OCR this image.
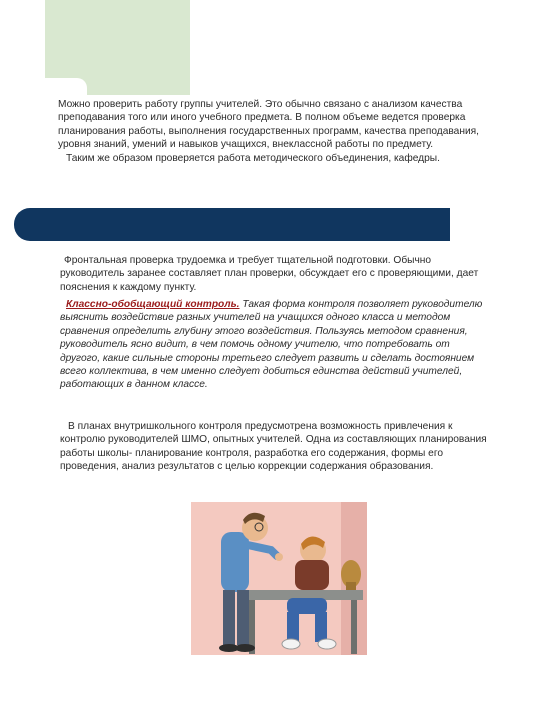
Можно проверить работу группы учителей. Это обычно связано с анализом качества преподавания того или иного учебного предмета. В полном объеме ведется проверка планирования работы, выполнения государственных программ, качества преподавания, уровня знаний, умений и навыков учащихся, внеклассной работы по предмету.
Таким же образом проверяется работа методического объединения, кафедры.
Фронтальная проверка трудоемка и требует тщательной подготовки. Обычно руководитель заранее составляет план проверки, обсуждает его с проверяющими, дает пояснения к каждому пункту.
Классно-обобщающий контроль. Такая форма контроля позволяет руководителю выяснить воздействие разных учителей на учащихся одного класса и методом сравнения определить глубину этого воздействия. Пользуясь методом сравнения, руководитель ясно видит, в чем помочь одному учителю, что потребовать от другого, какие сильные стороны третьего следует развить и сделать достоянием всего коллектива, в чем именно следует добиться единства действий учителей, работающих в данном классе.
В планах внутришкольного контроля предусмотрена возможность привлечения к контролю руководителей ШМО, опытных учителей. Одна из составляющих планирования работы школы- планирование контроля, разработка его содержания, формы его проведения, анализ результатов с целью коррекции содержания образования.
